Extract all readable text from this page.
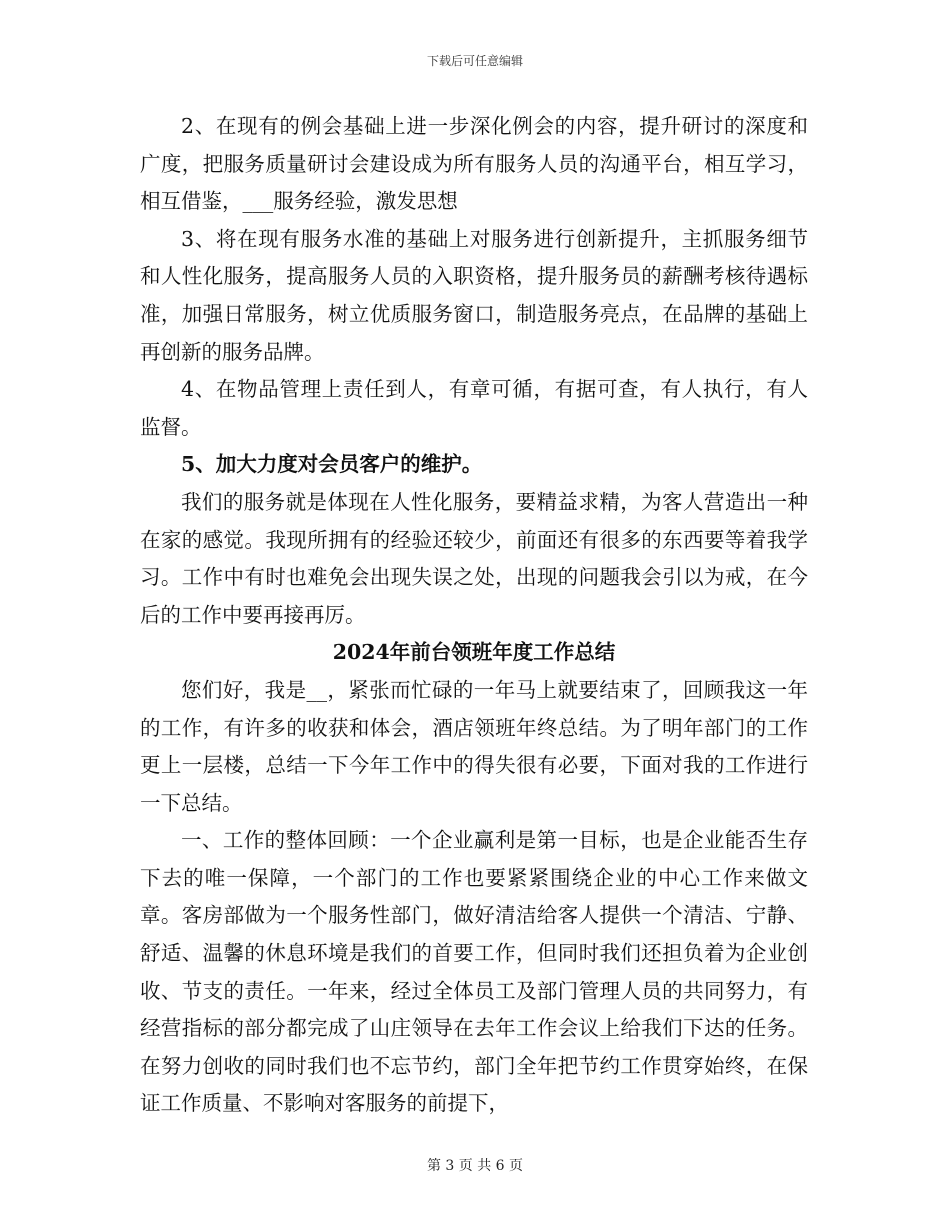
下载后可任意编辑

2、在现有的例会基础上进一步深化例会的内容，提升研讨的深度和广度，把服务质量研讨会建设成为所有服务人员的沟通平台，相互学习，相互借鉴，___服务经验，激发思想

3、将在现有服务水准的基础上对服务进行创新提升，主抓服务细节和人性化服务，提高服务人员的入职资格，提升服务员的薪酬考核待遇标准，加强日常服务，树立优质服务窗口，制造服务亮点，在品牌的基础上再创新的服务品牌。

4、在物品管理上责任到人，有章可循，有据可查，有人执行，有人监督。

5、加大力度对会员客户的维护。

我们的服务就是体现在人性化服务，要精益求精，为客人营造出一种在家的感觉。我现所拥有的经验还较少，前面还有很多的东西要等着我学习。工作中有时也难免会出现失误之处，出现的问题我会引以为戒，在今后的工作中要再接再厉。

2024年前台领班年度工作总结

您们好，我是__，紧张而忙碌的一年马上就要结束了，回顾我这一年的工作，有许多的收获和体会，酒店领班年终总结。为了明年部门的工作更上一层楼，总结一下今年工作中的得失很有必要，下面对我的工作进行一下总结。

一、工作的整体回顾：一个企业赢利是第一目标，也是企业能否生存下去的唯一保障，一个部门的工作也要紧紧围绕企业的中心工作来做文章。客房部做为一个服务性部门，做好清洁给客人提供一个清洁、宁静、舒适、温馨的休息环境是我们的首要工作，但同时我们还担负着为企业创收、节支的责任。一年来，经过全体员工及部门管理人员的共同努力，有经营指标的部分都完成了山庄领导在去年工作会议上给我们下达的任务。在努力创收的同时我们也不忘节约，部门全年把节约工作贯穿始终，在保证工作质量、不影响对客服务的前提下，

第 3 页 共 6 页
